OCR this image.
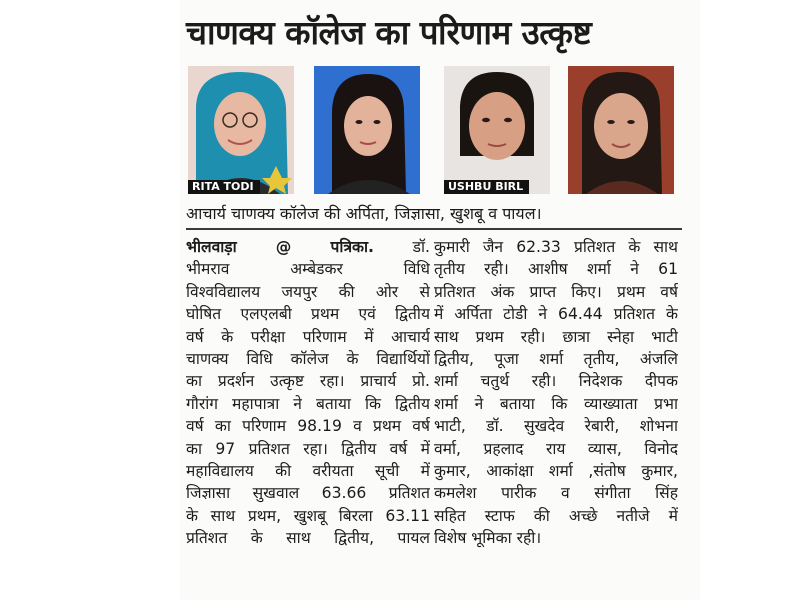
चाणक्य कॉलेज का परिणाम उत्कृष्ट
RITA TODI	USHBU BIRL
आचार्य चाणक्य कॉलेज की अर्पिता, जिज्ञासा, खुशबू व पायल।
भीलवाड़ा @ पत्रिका. डॉ.
भीमराव अम्बेडकर विधि
विश्वविद्यालय जयपुर की ओर से
घोषित एलएलबी प्रथम एवं द्वितीय
वर्ष के परीक्षा परिणाम में आचार्य
चाणक्य विधि कॉलेज के विद्यार्थियों
का प्रदर्शन उत्कृष्ट रहा। प्राचार्य प्रो.
गौरांग महापात्रा ने बताया कि द्वितीय
वर्ष का परिणाम 98.19 व प्रथम वर्ष
का 97 प्रतिशत रहा। द्वितीय वर्ष में
महाविद्यालय की वरीयता सूची में
जिज्ञासा सुखवाल 63.66 प्रतिशत
के साथ प्रथम, खुशबू बिरला 63.11
प्रतिशत के साथ द्वितीय, पायल
कुमारी जैन 62.33 प्रतिशत के साथ
तृतीय रही। आशीष शर्मा ने 61
प्रतिशत अंक प्राप्त किए। प्रथम वर्ष
में अर्पिता टोडी ने 64.44 प्रतिशत के
साथ प्रथम रही। छात्रा स्नेहा भाटी
द्वितीय, पूजा शर्मा तृतीय, अंजलि
शर्मा चतुर्थ रही। निदेशक दीपक
शर्मा ने बताया कि व्याख्याता प्रभा
भाटी, डॉ. सुखदेव रेबारी, शोभना
वर्मा, प्रहलाद राय व्यास, विनोद
कुमार, आकांक्षा शर्मा ,संतोष कुमार,
कमलेश पारीक व संगीता सिंह
सहित स्टाफ की अच्छे नतीजे में
विशेष भूमिका रही।
